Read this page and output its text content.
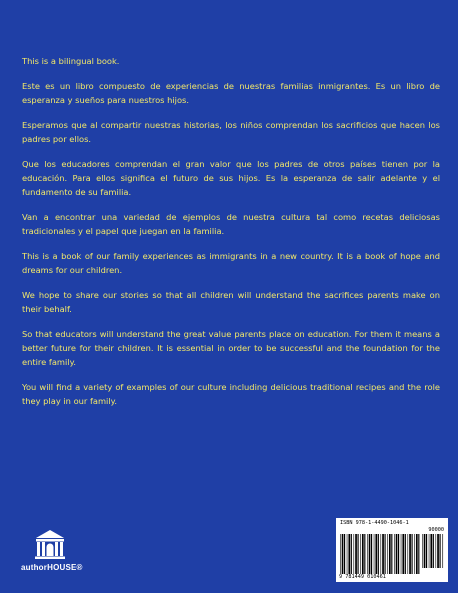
This is a bilingual book.

Este es un libro compuesto de experiencias de nuestras familias inmigrantes. Es un libro de esperanza y sueños para nuestros hijos.

Esperamos que al compartir nuestras historias, los niños comprendan los sacrificios que hacen los padres por ellos.

Que los educadores comprendan el gran valor que los padres de otros países tienen por la educación. Para ellos significa el futuro de sus hijos. Es la esperanza de salir adelante y el fundamento de su familia.

Van a encontrar una variedad de ejemplos de nuestra cultura tal como recetas deliciosas tradicionales y el papel que juegan en la familia.

This is a book of our family experiences as immigrants in a new country. It is a book of hope and dreams for our children.

We hope to share our stories so that all children will understand the sacrifices parents make on their behalf.

So that educators will understand the great value parents place on education. For them it means a better future for their children. It is essential in order to be successful and the foundation for the entire family.

You will find a variety of examples of our culture including delicious traditional recipes and the role they play in our family.

authorHOUSE®
ISBN 978-1-4490-1046-1
90000
9 781449 010461
